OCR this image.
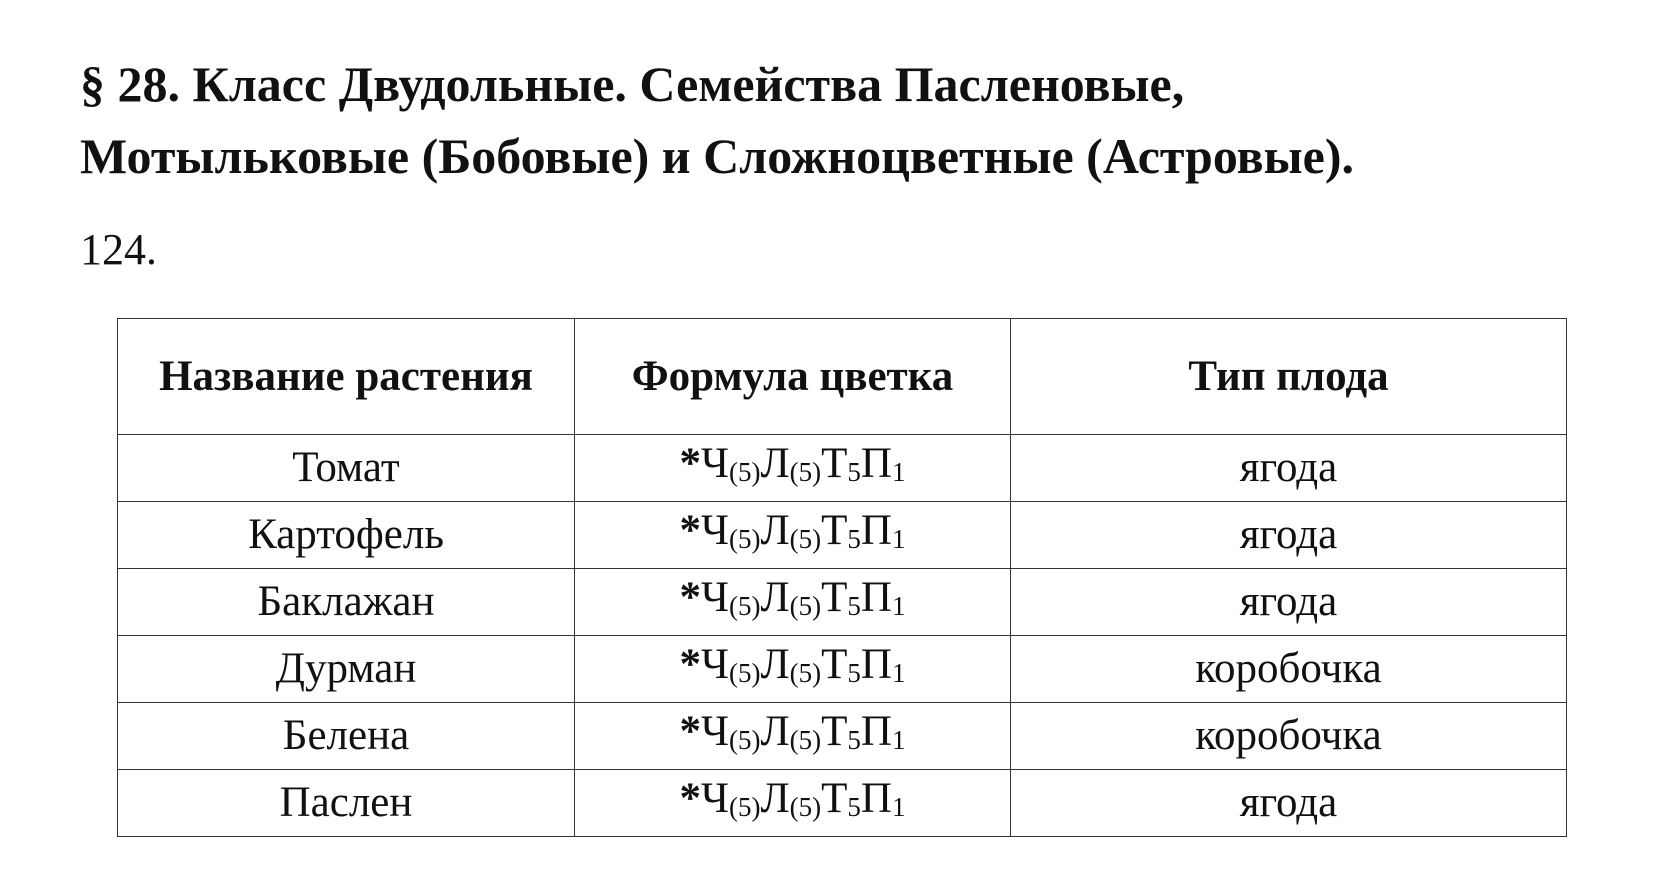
§ 28. Класс Двудольные. Семейства Пасленовые,
Мотыльковые (Бобовые) и Сложноцветные (Астровые).

124.

Название растения	Формула цветка	Тип плода
Томат	$*Ч_{(5)}Л_{(5)}Т_5П_1$	ягода
Картофель	$*Ч_{(5)}Л_{(5)}Т_5П_1$	ягода
Баклажан	$*Ч_{(5)}Л_{(5)}Т_5П_1$	ягода
Дурман	$*Ч_{(5)}Л_{(5)}Т_5П_1$	коробочка
Белена	$*Ч_{(5)}Л_{(5)}Т_5П_1$	коробочка
Паслен	$*Ч_{(5)}Л_{(5)}Т_5П_1$	ягода
